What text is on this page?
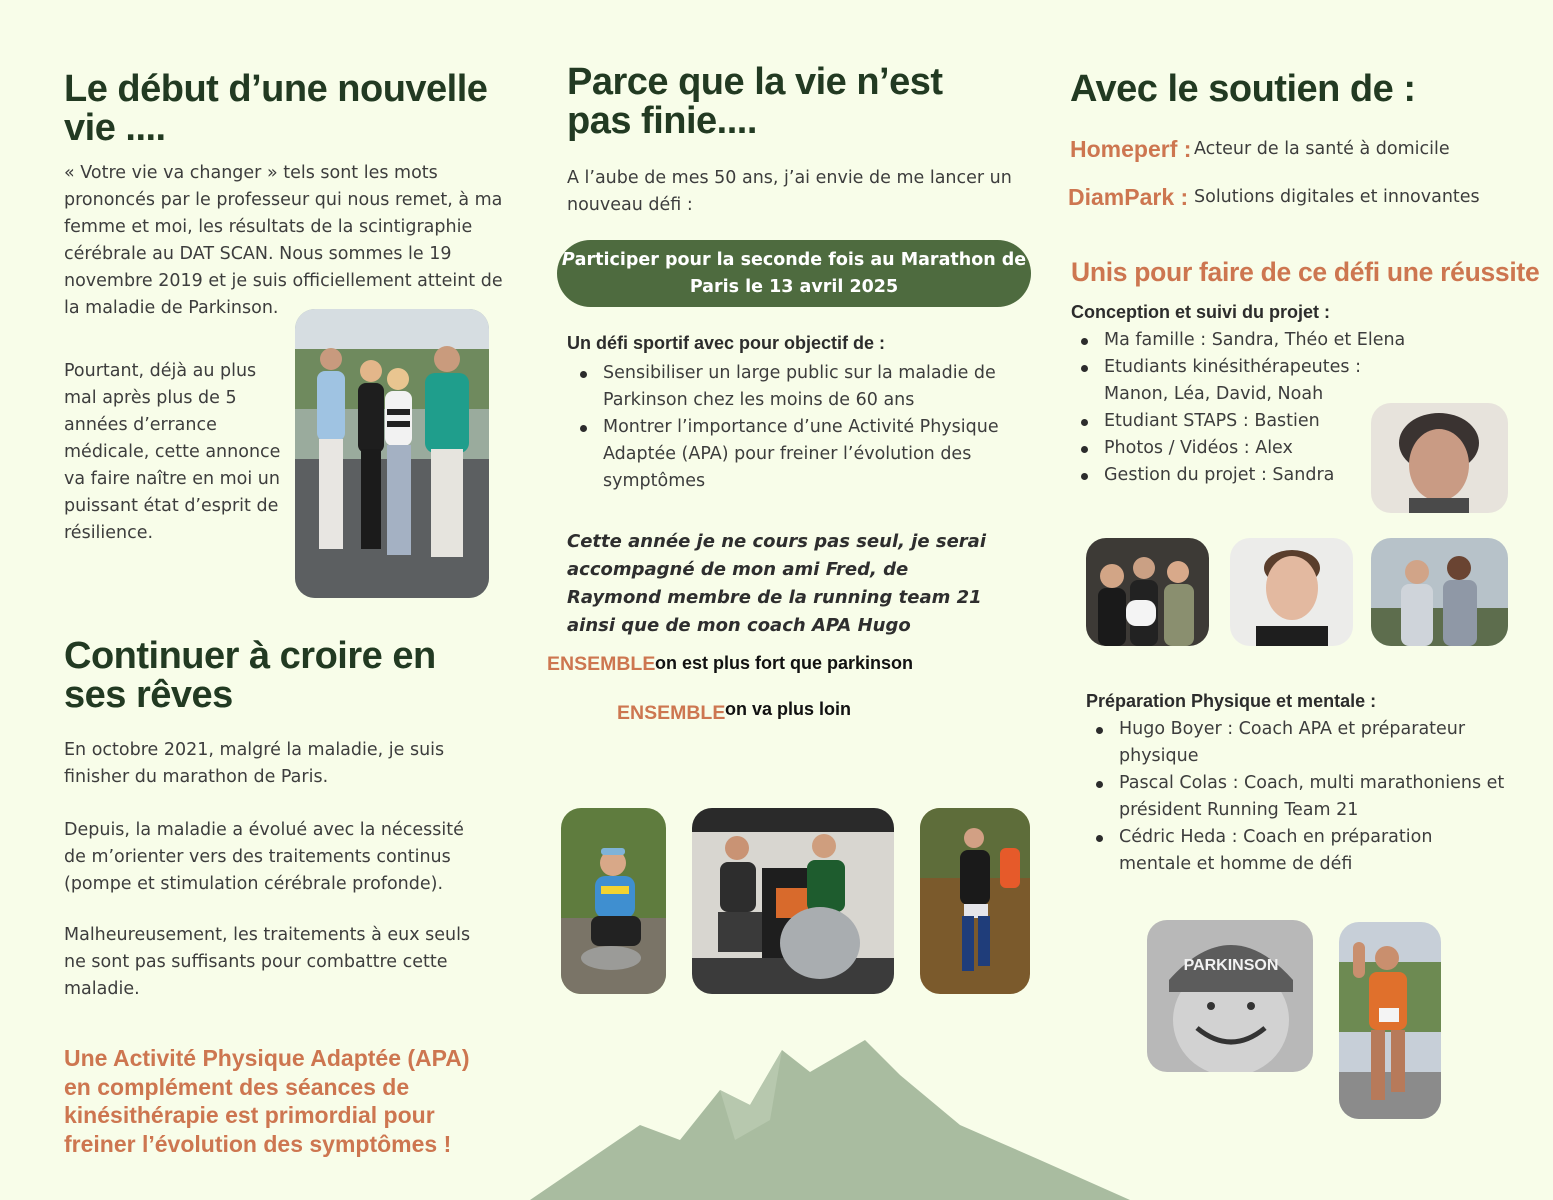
Le début d’une nouvelle vie ....

« Votre vie va changer » tels sont les mots prononcés par le professeur qui nous remet, à ma femme et moi, les résultats de la scintigraphie cérébrale au DAT SCAN. Nous sommes le 19 novembre 2019 et je suis officiellement atteint de la maladie de Parkinson.

Pourtant, déjà au plus mal après plus de 5 années d’errance médicale, cette annonce va faire naître en moi un puissant état d’esprit de résilience.

Continuer à croire en ses rêves

En octobre 2021, malgré la maladie, je suis finisher du marathon de Paris.

Depuis, la maladie a évolué avec la nécessité de m’orienter vers des traitements continus (pompe et stimulation cérébrale profonde).

Malheureusement, les traitements à eux seuls ne sont pas suffisants pour combattre cette maladie.

Une Activité Physique Adaptée (APA) en complément des séances de kinésithérapie est primordial pour freiner l’évolution des symptômes !

Parce que la vie n’est pas finie....

A l’aube de mes 50 ans, j’ai envie de me lancer un nouveau défi :

Participer pour la seconde fois au Marathon de Paris le 13 avril 2025
Un défi sportif avec pour objectif de :
Sensibiliser un large public sur la maladie de Parkinson chez les moins de 60 ans
Montrer l’importance d’une Activité Physique Adaptée (APA) pour freiner l’évolution des symptômes

Cette année je ne cours pas seul, je serai accompagné de mon ami Fred, de Raymond membre de la running team 21 ainsi que de mon coach APA Hugo

ENSEMBLE on est plus fort que parkinson
ENSEMBLE on va plus loin
Avec le soutien de :
Homeperf : Acteur de la santé à domicile
DiamPark : Solutions digitales et innovantes
Unis pour faire de ce défi une réussite
Conception et suivi du projet :
Ma famille : Sandra, Théo et Elena
Etudiants kinésithérapeutes : Manon, Léa, David, Noah
Etudiant STAPS : Bastien
Photos / Vidéos : Alex
Gestion du projet : Sandra
Préparation Physique et mentale :
Hugo Boyer : Coach APA et préparateur physique
Pascal Colas : Coach, multi marathoniens et président Running Team 21
Cédric Heda : Coach en préparation mentale et homme de défi
PARKINSON
